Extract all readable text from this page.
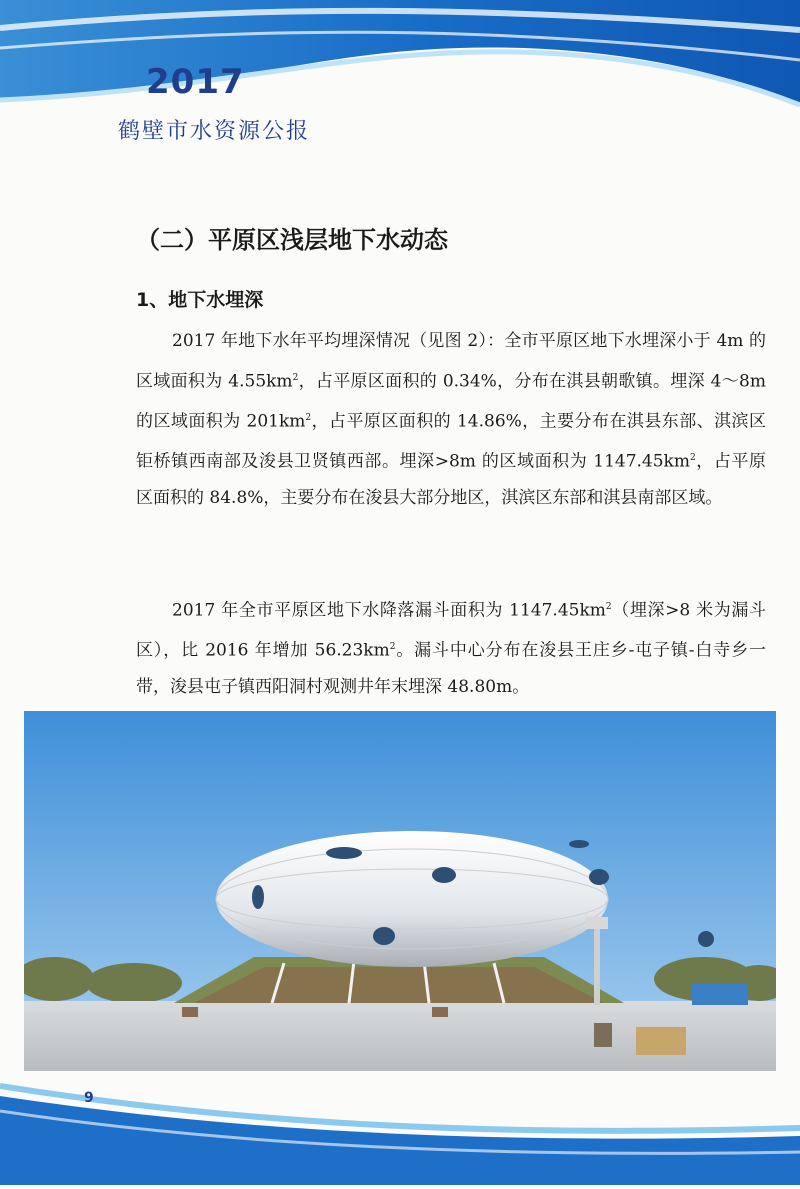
2017
鹤壁市水资源公报
（二）平原区浅层地下水动态
1、地下水埋深

2017 年地下水年平均埋深情况（见图 2）：全市平原区地下水埋深小于 4m 的区域面积为 $4.55km^2$，占平原区面积的 0.34%，分布在淇县朝歌镇。埋深 4～8m 的区域面积为 $201km^2$，占平原区面积的 14.86%，主要分布在淇县东部、淇滨区钜桥镇西南部及浚县卫贤镇西部。埋深>8m 的区域面积为 $1147.45km^2$，占平原区面积的 84.8%，主要分布在浚县大部分地区，淇滨区东部和淇县南部区域。

2017 年全市平原区地下水降落漏斗面积为 $1147.45km^2$（埋深>8 米为漏斗区），比 2016 年增加 $56.23km^2$。漏斗中心分布在浚县王庄乡-屯子镇-白寺乡一带，浚县屯子镇西阳洞村观测井年末埋深 48.80m。

9
